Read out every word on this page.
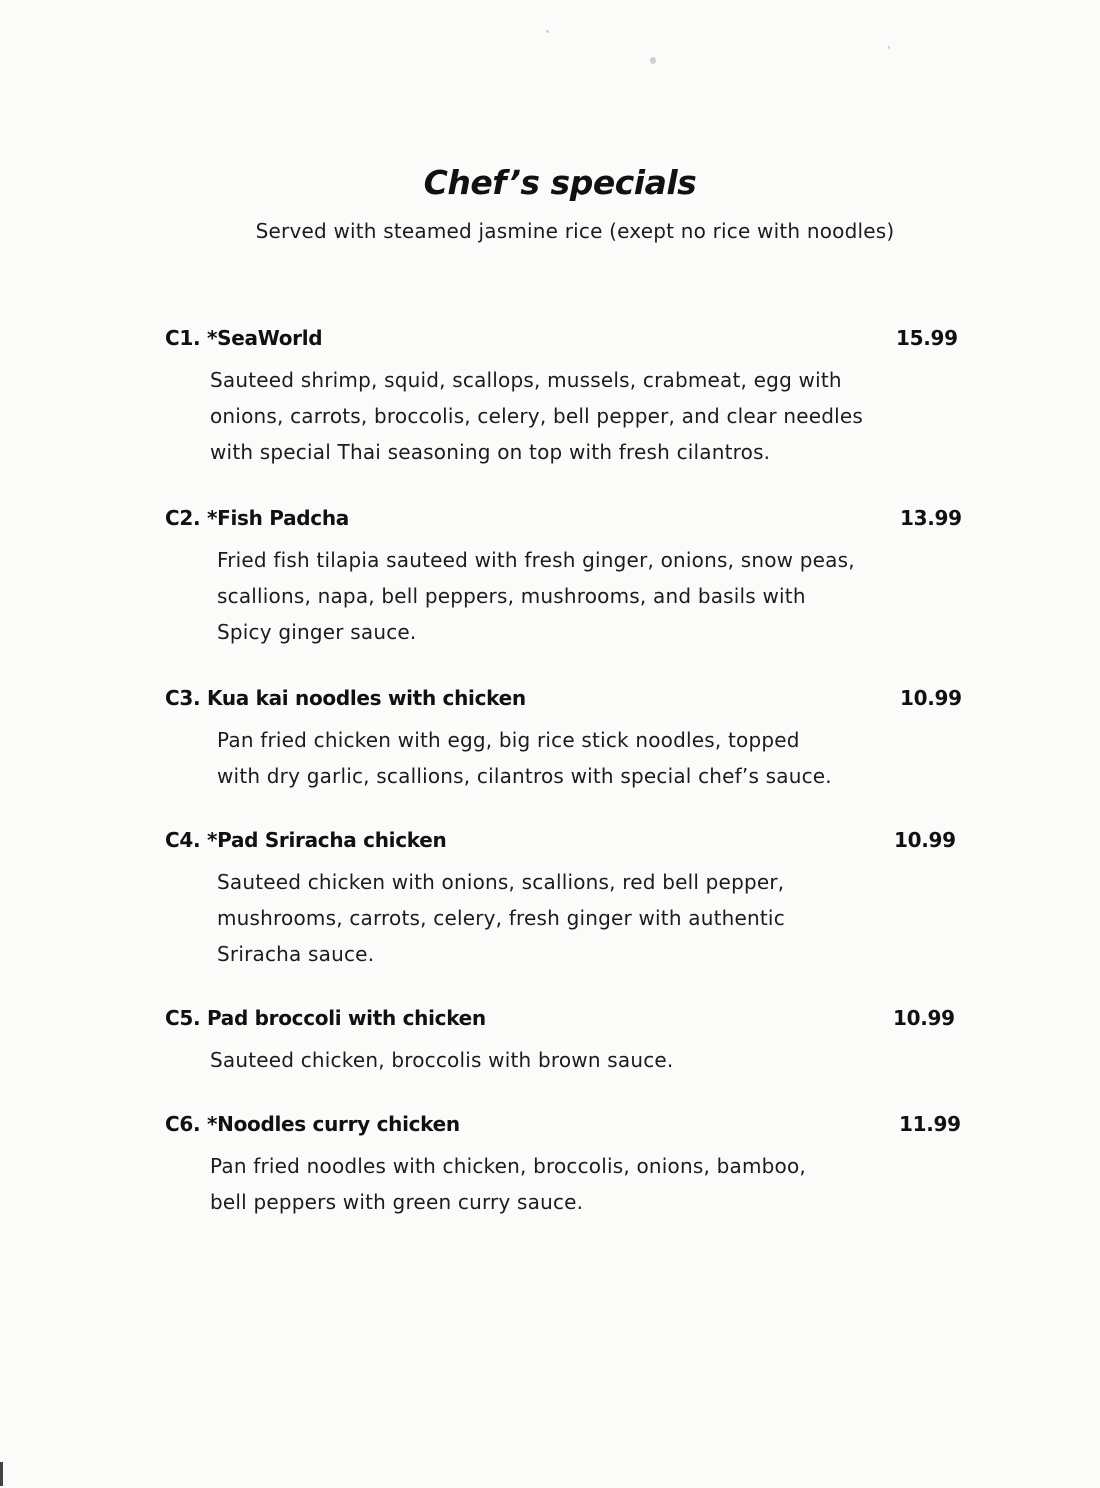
Chef’s specials
Served with steamed jasmine rice (exept no rice with noodles)
C1. *SeaWorld	15.99
Sauteed shrimp, squid, scallops, mussels, crabmeat, egg with
onions, carrots, broccolis, celery, bell pepper, and clear needles
with special Thai seasoning on top with fresh cilantros.
C2. *Fish Padcha	13.99
Fried fish tilapia sauteed with fresh ginger, onions, snow peas,
scallions, napa, bell peppers, mushrooms, and basils with
Spicy ginger sauce.
C3. Kua kai noodles with chicken	10.99
Pan fried chicken with egg, big rice stick noodles, topped
with dry garlic, scallions, cilantros with special chef’s sauce.
C4. *Pad Sriracha chicken	10.99
Sauteed chicken with onions, scallions, red bell pepper,
mushrooms, carrots, celery, fresh ginger with authentic
Sriracha sauce.
C5. Pad broccoli with chicken	10.99
Sauteed chicken, broccolis with brown sauce.
C6. *Noodles curry chicken	11.99
Pan fried noodles with chicken, broccolis, onions, bamboo,
bell peppers with green curry sauce.
